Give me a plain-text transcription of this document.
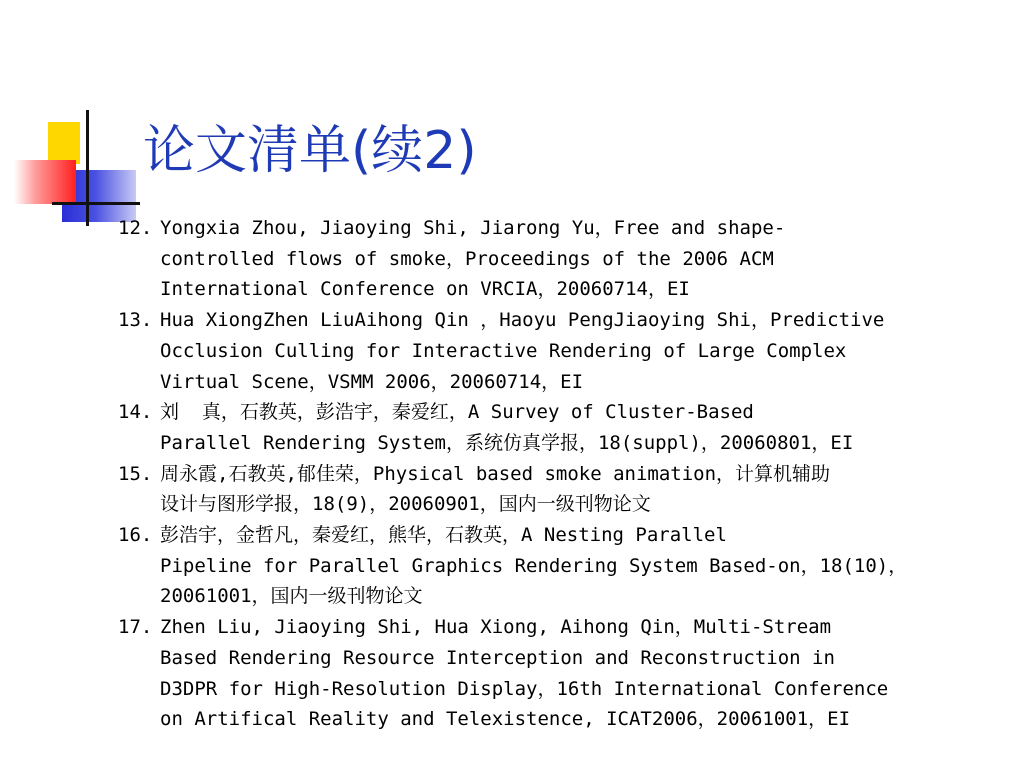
论文清单(续2)
12. Yongxia Zhou, Jiaoying Shi, Jiarong Yu，Free and shape-
controlled flows of smoke，Proceedings of the 2006 ACM
International Conference on VRCIA，20060714，EI
13. Hua XiongZhen LiuAihong Qin ，Haoyu PengJiaoying Shi，Predictive
Occlusion Culling for Interactive Rendering of Large Complex
Virtual Scene，VSMM 2006，20060714，EI
14. 刘  真，石教英，彭浩宇，秦爱红，A Survey of Cluster-Based
Parallel Rendering System，系统仿真学报，18(suppl)，20060801，EI
15. 周永霞,石教英,郁佳荣，Physical based smoke animation，计算机辅助
设计与图形学报，18(9)，20060901，国内一级刊物论文
16. 彭浩宇，金哲凡，秦爱红，熊华，石教英，A Nesting Parallel
Pipeline for Parallel Graphics Rendering System Based-on，18(10)，
20061001，国内一级刊物论文
17. Zhen Liu, Jiaoying Shi, Hua Xiong, Aihong Qin，Multi-Stream
Based Rendering Resource Interception and Reconstruction in
D3DPR for High-Resolution Display，16th International Conference
on Artifical Reality and Telexistence, ICAT2006，20061001，EI
